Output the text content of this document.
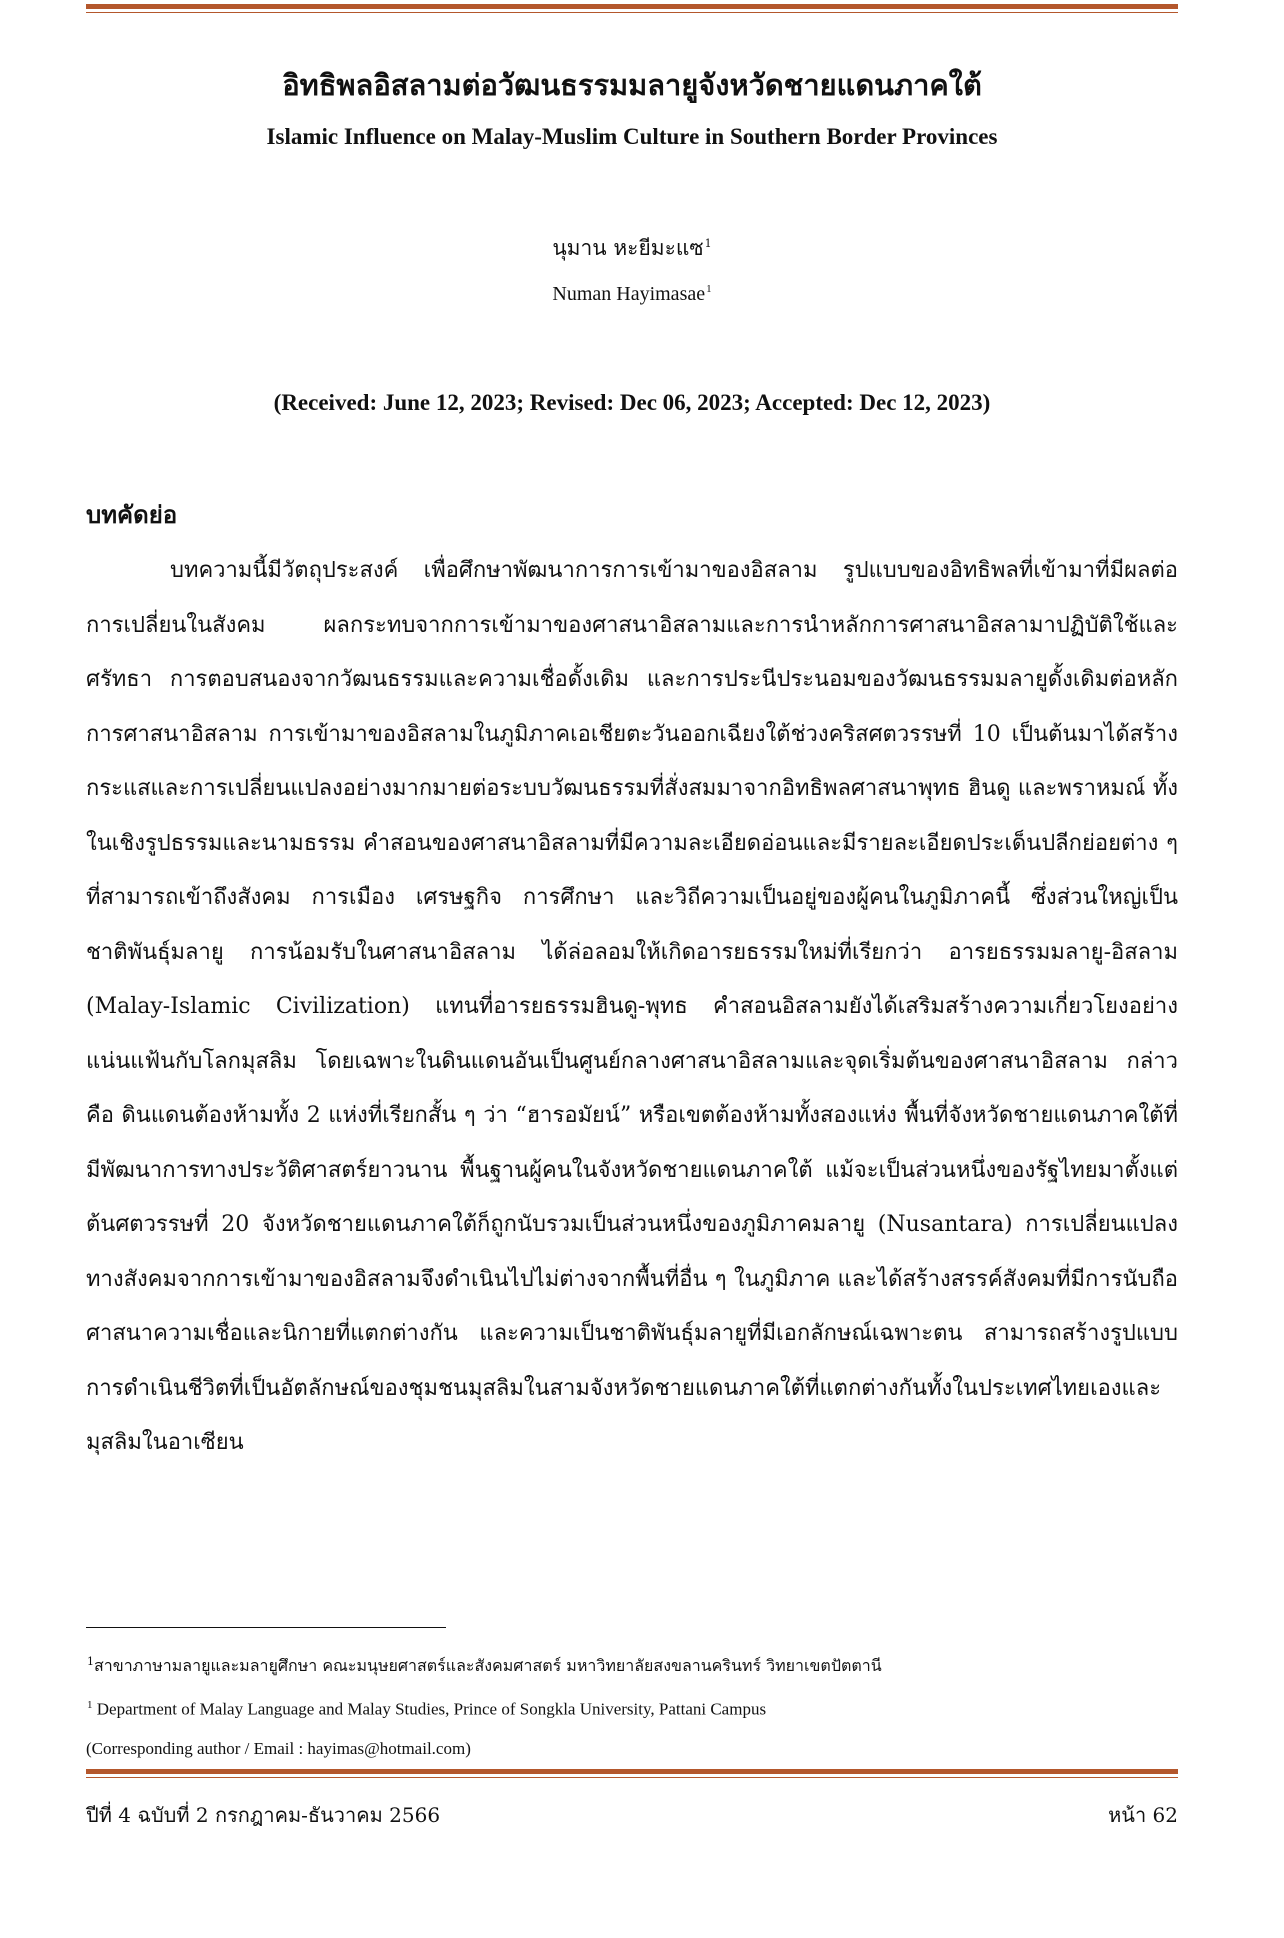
อิทธิพลอิสลามต่อวัฒนธรรมมลายูจังหวัดชายแดนภาคใต้
Islamic Influence on Malay-Muslim Culture in Southern Border Provinces
นุมาน หะยีมะแซ$^1$
Numan Hayimasae$^1$
(Received: June 12, 2023; Revised: Dec 06, 2023; Accepted: Dec 12, 2023)
บทคัดย่อ

บทความนี้มีวัตถุประสงค์ เพื่อศึกษาพัฒนาการการเข้ามาของอิสลาม รูปแบบของอิทธิพลที่เข้ามาที่มีผลต่อการเปลี่ยนในสังคม ผลกระทบจากการเข้ามาของศาสนาอิสลามและการนำหลักการศาสนาอิสลามาปฏิบัติใช้และศรัทธา การตอบสนองจากวัฒนธรรมและความเชื่อดั้งเดิม และการประนีประนอมของวัฒนธรรมมลายูดั้งเดิมต่อหลักการศาสนาอิสลาม การเข้ามาของอิสลามในภูมิภาคเอเชียตะวันออกเฉียงใต้ช่วงคริสศตวรรษที่ 10 เป็นต้นมาได้สร้างกระแสและการเปลี่ยนแปลงอย่างมากมายต่อระบบวัฒนธรรมที่สั่งสมมาจากอิทธิพลศาสนาพุทธ ฮินดู และพราหมณ์ ทั้งในเชิงรูปธรรมและนามธรรม คำสอนของศาสนาอิสลามที่มีความละเอียดอ่อนและมีรายละเอียดประเด็นปลีกย่อยต่าง ๆ ที่สามารถเข้าถึงสังคม การเมือง เศรษฐกิจ การศึกษา และวิถีความเป็นอยู่ของผู้คนในภูมิภาคนี้ ซึ่งส่วนใหญ่เป็นชาติพันธุ์มลายู การน้อมรับในศาสนาอิสลาม ได้ล่อลอมให้เกิดอารยธรรมใหม่ที่เรียกว่า อารยธรรมมลายู-อิสลาม (Malay-Islamic Civilization) แทนที่อารยธรรมฮินดู-พุทธ คำสอนอิสลามยังได้เสริมสร้างความเกี่ยวโยงอย่างแน่นแฟ้นกับโลกมุสลิม โดยเฉพาะในดินแดนอันเป็นศูนย์กลางศาสนาอิสลามและจุดเริ่มต้นของศาสนาอิสลาม กล่าวคือ ดินแดนต้องห้ามทั้ง 2 แห่งที่เรียกสั้น ๆ ว่า “ฮารอมัยน์” หรือเขตต้องห้ามทั้งสองแห่ง พื้นที่จังหวัดชายแดนภาคใต้ที่มีพัฒนาการทางประวัติศาสตร์ยาวนาน พื้นฐานผู้คนในจังหวัดชายแดนภาคใต้ แม้จะเป็นส่วนหนึ่งของรัฐไทยมาตั้งแต่ต้นศตวรรษที่ 20 จังหวัดชายแดนภาคใต้ก็ถูกนับรวมเป็นส่วนหนึ่งของภูมิภาคมลายู (Nusantara) การเปลี่ยนแปลงทางสังคมจากการเข้ามาของอิสลามจึงดำเนินไปไม่ต่างจากพื้นที่อื่น ๆ ในภูมิภาค และได้สร้างสรรค์สังคมที่มีการนับถือศาสนาความเชื่อและนิกายที่แตกต่างกัน และความเป็นชาติพันธุ์มลายูที่มีเอกลักษณ์เฉพาะตน สามารถสร้างรูปแบบการดำเนินชีวิตที่เป็นอัตลักษณ์ของชุมชนมุสลิมในสามจังหวัดชายแดนภาคใต้ที่แตกต่างกันทั้งในประเทศไทยเองและมุสลิมในอาเซียน

$^1$สาขาภาษามลายูและมลายูศึกษา คณะมนุษยศาสตร์และสังคมศาสตร์ มหาวิทยาลัยสงขลานครินทร์ วิทยาเขตปัตตานี
$^1$ Department of Malay Language and Malay Studies, Prince of Songkla University, Pattani Campus
(Corresponding author / Email : hayimas@hotmail.com)
ปีที่ 4 ฉบับที่ 2 กรกฎาคม-ธันวาคม 2566	หน้า 62
